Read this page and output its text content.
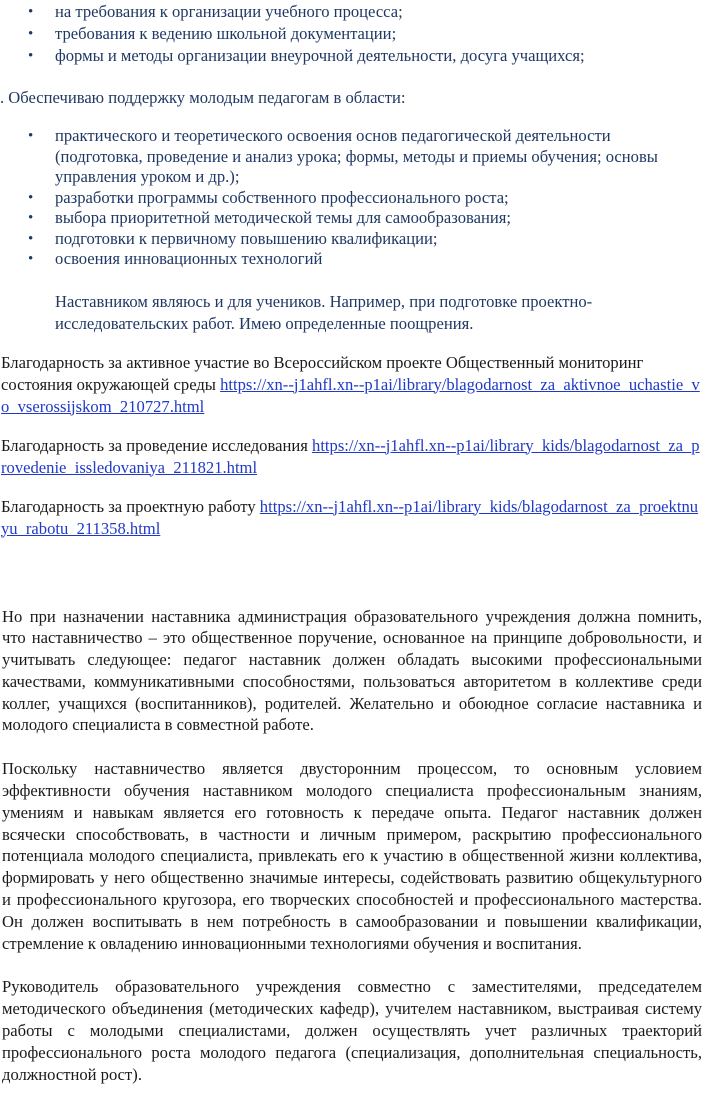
• на требования к организации учебного процесса;
• требования к ведению школьной документации;
• формы и методы организации внеурочной деятельности, досуга учащихся;

. Обеспечиваю поддержку молодым педагогам в области:

• практического и теоретического освоения основ педагогической деятельности (подготовка, проведение и анализ урока; формы, методы и приемы обучения; основы управления уроком и др.);
• разработки программы собственного профессионального роста;
• выбора приоритетной методической темы для самообразования;
• подготовки к первичному повышению квалификации;
• освоения инновационных технологий

Наставником являюсь и для учеников. Например, при подготовке проектно-исследовательских работ. Имею определенные поощрения.

Благодарность за активное участие во Всероссийском проекте Общественный мониторинг состояния окружающей среды https://xn--j1ahfl.xn--p1ai/library/blagodarnost_za_aktivnoe_uchastie_vo_vserossijskom_210727.html

Благодарность за проведение исследования https://xn--j1ahfl.xn--p1ai/library_kids/blagodarnost_za_provedenie_issledovaniya_211821.html

Благодарность за проектную работу https://xn--j1ahfl.xn--p1ai/library_kids/blagodarnost_za_proektnuyu_rabotu_211358.html

Но при назначении наставника администрация образовательного учреждения должна помнить, что наставничество – это общественное поручение, основанное на принципе добровольности, и учитывать следующее: педагог наставник должен обладать высокими профессиональными качествами, коммуникативными способностями, пользоваться авторитетом в коллективе среди коллег, учащихся (воспитанников), родителей. Желательно и обоюдное согласие наставника и молодого специалиста в совместной работе.

Поскольку наставничество является двусторонним процессом, то основным условием эффективности обучения наставником молодого специалиста профессиональным знаниям, умениям и навыкам является его готовность к передаче опыта. Педагог наставник должен всячески способствовать, в частности и личным примером, раскрытию профессионального потенциала молодого специалиста, привлекать его к участию в общественной жизни коллектива, формировать у него общественно значимые интересы, содействовать развитию общекультурного и профессионального кругозора, его творческих способностей и профессионального мастерства. Он должен воспитывать в нем потребность в самообразовании и повышении квалификации, стремление к овладению инновационными технологиями обучения и воспитания.

Руководитель образовательного учреждения совместно с заместителями, председателем методического объединения (методических кафедр), учителем наставником, выстраивая систему работы с молодыми специалистами, должен осуществлять учет различных траекторий профессионального роста молодого педагога (специализация, дополнительная специальность, должностной рост).
